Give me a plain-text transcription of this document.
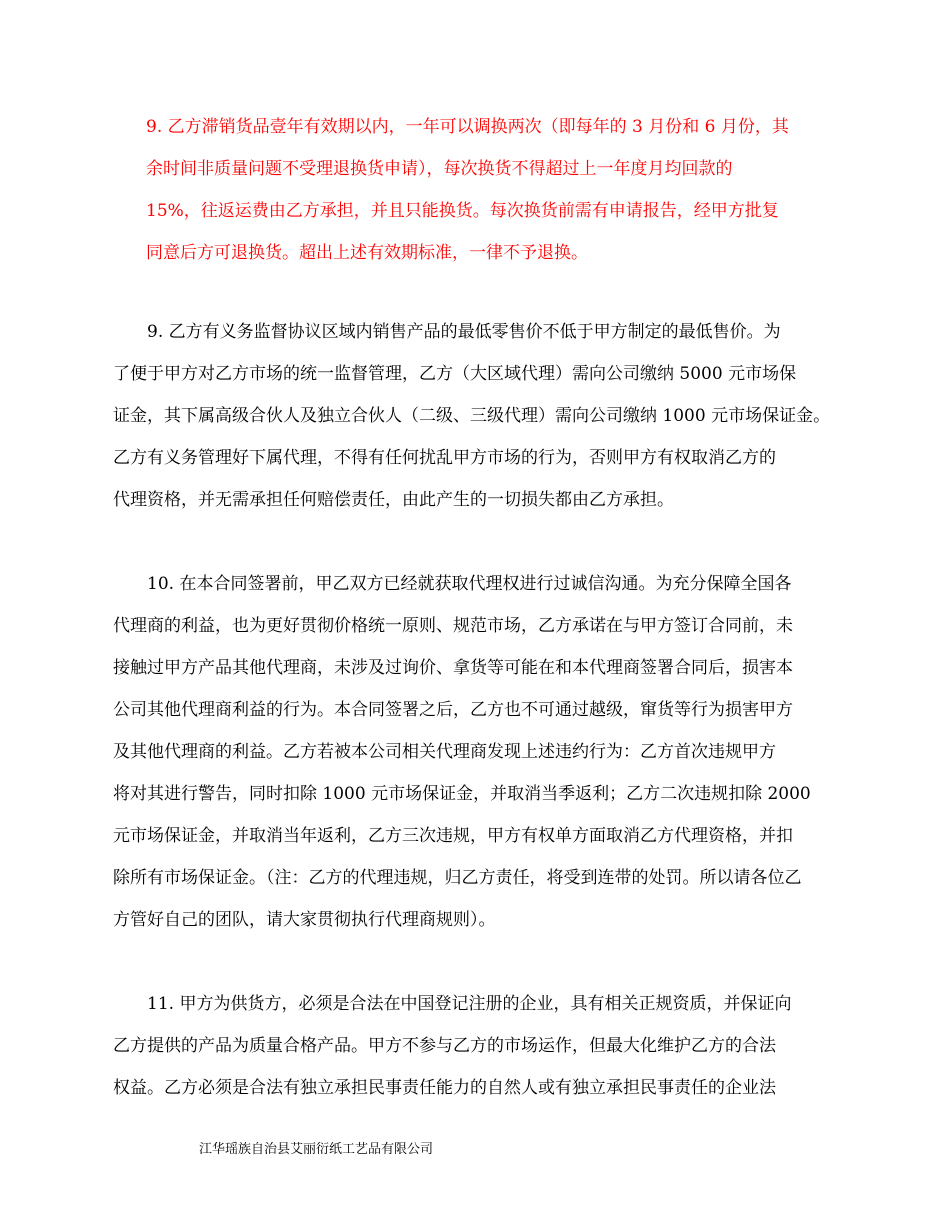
9. 乙方滞销货品壹年有效期以内，一年可以调换两次（即每年的 3 月份和 6 月份，其
余时间非质量问题不受理退换货申请），每次换货不得超过上一年度月均回款的
15%，往返运费由乙方承担，并且只能换货。每次换货前需有申请报告，经甲方批复
同意后方可退换货。超出上述有效期标准，一律不予退换。
9. 乙方有义务监督协议区域内销售产品的最低零售价不低于甲方制定的最低售价。为
了便于甲方对乙方市场的统一监督管理，乙方（大区域代理）需向公司缴纳 5000 元市场保
证金，其下属高级合伙人及独立合伙人（二级、三级代理）需向公司缴纳 1000 元市场保证金。
乙方有义务管理好下属代理，不得有任何扰乱甲方市场的行为，否则甲方有权取消乙方的
代理资格，并无需承担任何赔偿责任，由此产生的一切损失都由乙方承担。
10. 在本合同签署前，甲乙双方已经就获取代理权进行过诚信沟通。为充分保障全国各
代理商的利益，也为更好贯彻价格统一原则、规范市场，乙方承诺在与甲方签订合同前，未
接触过甲方产品其他代理商，未涉及过询价、拿货等可能在和本代理商签署合同后，损害本
公司其他代理商利益的行为。本合同签署之后，乙方也不可通过越级，窜货等行为损害甲方
及其他代理商的利益。乙方若被本公司相关代理商发现上述违约行为：乙方首次违规甲方
将对其进行警告，同时扣除 1000 元市场保证金，并取消当季返利；乙方二次违规扣除 2000
元市场保证金，并取消当年返利，乙方三次违规，甲方有权单方面取消乙方代理资格，并扣
除所有市场保证金。（注：乙方的代理违规，归乙方责任，将受到连带的处罚。所以请各位乙
方管好自己的团队，请大家贯彻执行代理商规则）。
11. 甲方为供货方，必须是合法在中国登记注册的企业，具有相关正规资质，并保证向
乙方提供的产品为质量合格产品。甲方不参与乙方的市场运作，但最大化维护乙方的合法
权益。乙方必须是合法有独立承担民事责任能力的自然人或有独立承担民事责任的企业法
江华瑶族自治县艾丽衍纸工艺品有限公司
